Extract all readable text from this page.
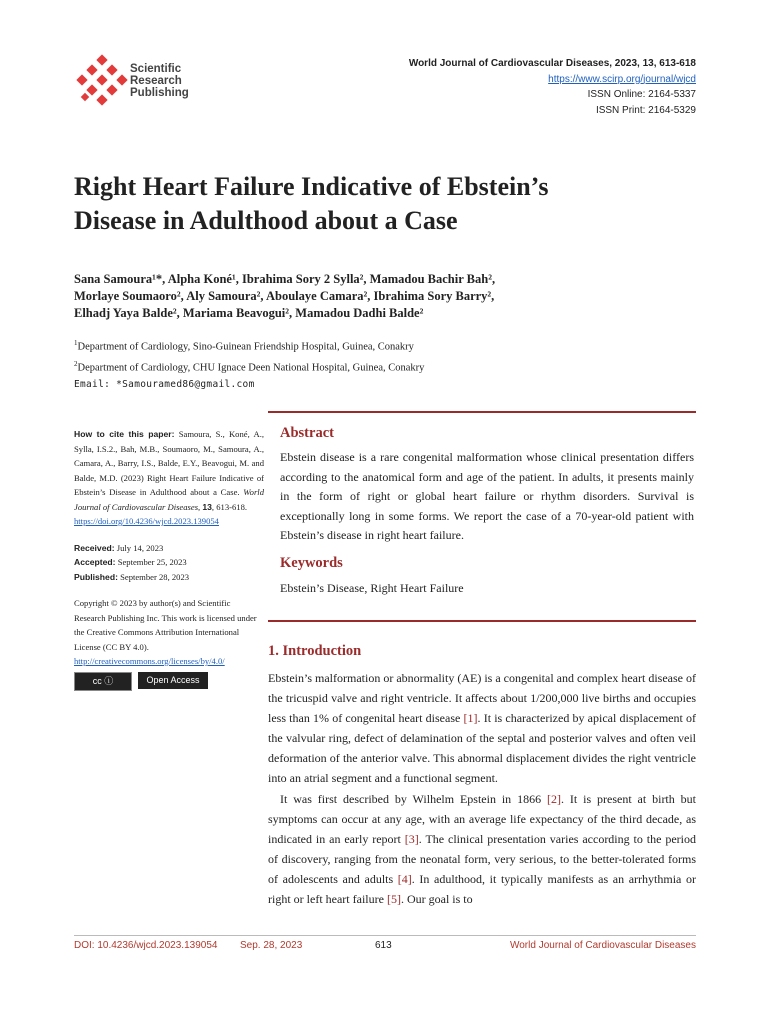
Scientific
Research
Publishing
World Journal of Cardiovascular Diseases, 2023, 13, 613-618
https://www.scirp.org/journal/wjcd
ISSN Online: 2164-5337
ISSN Print: 2164-5329
Right Heart Failure Indicative of Ebstein’s
Disease in Adulthood about a Case
Sana Samoura¹*, Alpha Koné¹, Ibrahima Sory 2 Sylla², Mamadou Bachir Bah²,
Morlaye Soumaoro², Aly Samoura², Aboulaye Camara², Ibrahima Sory Barry²,
Elhadj Yaya Balde², Mariama Beavogui², Mamadou Dadhi Balde²
$^1$Department of Cardiology, Sino-Guinean Friendship Hospital, Guinea, Conakry
$^2$Department of Cardiology, CHU Ignace Deen National Hospital, Guinea, Conakry
Email: *Samouramed86@gmail.com
How to cite this paper: Samoura, S., Koné, A., Sylla, I.S.2., Bah, M.B., Soumaoro, M., Samoura, A., Camara, A., Barry, I.S., Balde, E.Y., Beavogui, M. and Balde, M.D. (2023) Right Heart Failure Indicative of Ebstein’s Disease in Adulthood about a Case. World Journal of Cardiovascular Diseases, 13, 613-618.
https://doi.org/10.4236/wjcd.2023.139054
Received: July 14, 2023
Accepted: September 25, 2023
Published: September 28, 2023
Copyright © 2023 by author(s) and Scientific Research Publishing Inc. This work is licensed under the Creative Commons Attribution International License (CC BY 4.0).
http://creativecommons.org/licenses/by/4.0/
cc ⓘ	Open Access
Abstract
Ebstein disease is a rare congenital malformation whose clinical presentation differs according to the anatomical form and age of the patient. In adults, it presents mainly in the form of right or global heart failure or rhythm disorders. Survival is exceptionally long in some forms. We report the case of a 70-year-old patient with Ebstein’s disease in right heart failure.
Keywords
Ebstein’s Disease, Right Heart Failure
1. Introduction

Ebstein’s malformation or abnormality (AE) is a congenital and complex heart disease of the tricuspid valve and right ventricle. It affects about 1/200,000 live births and occupies less than 1% of congenital heart disease [1]. It is characterized by apical displacement of the valvular ring, defect of delamination of the septal and posterior valves and often veil deformation of the anterior valve. This abnormal displacement divides the right ventricle into an atrial segment and a functional segment.

It was first described by Wilhelm Epstein in 1866 [2]. It is present at birth but symptoms can occur at any age, with an average life expectancy of the third decade, as indicated in an early report [3]. The clinical presentation varies according to the period of discovery, ranging from the neonatal form, very serious, to the better-tolerated forms of adolescents and adults [4]. In adulthood, it typically manifests as an arrhythmia or right or left heart failure [5]. Our goal is to

DOI: 10.4236/wjcd.2023.139054 Sep. 28, 2023	613	World Journal of Cardiovascular Diseases
